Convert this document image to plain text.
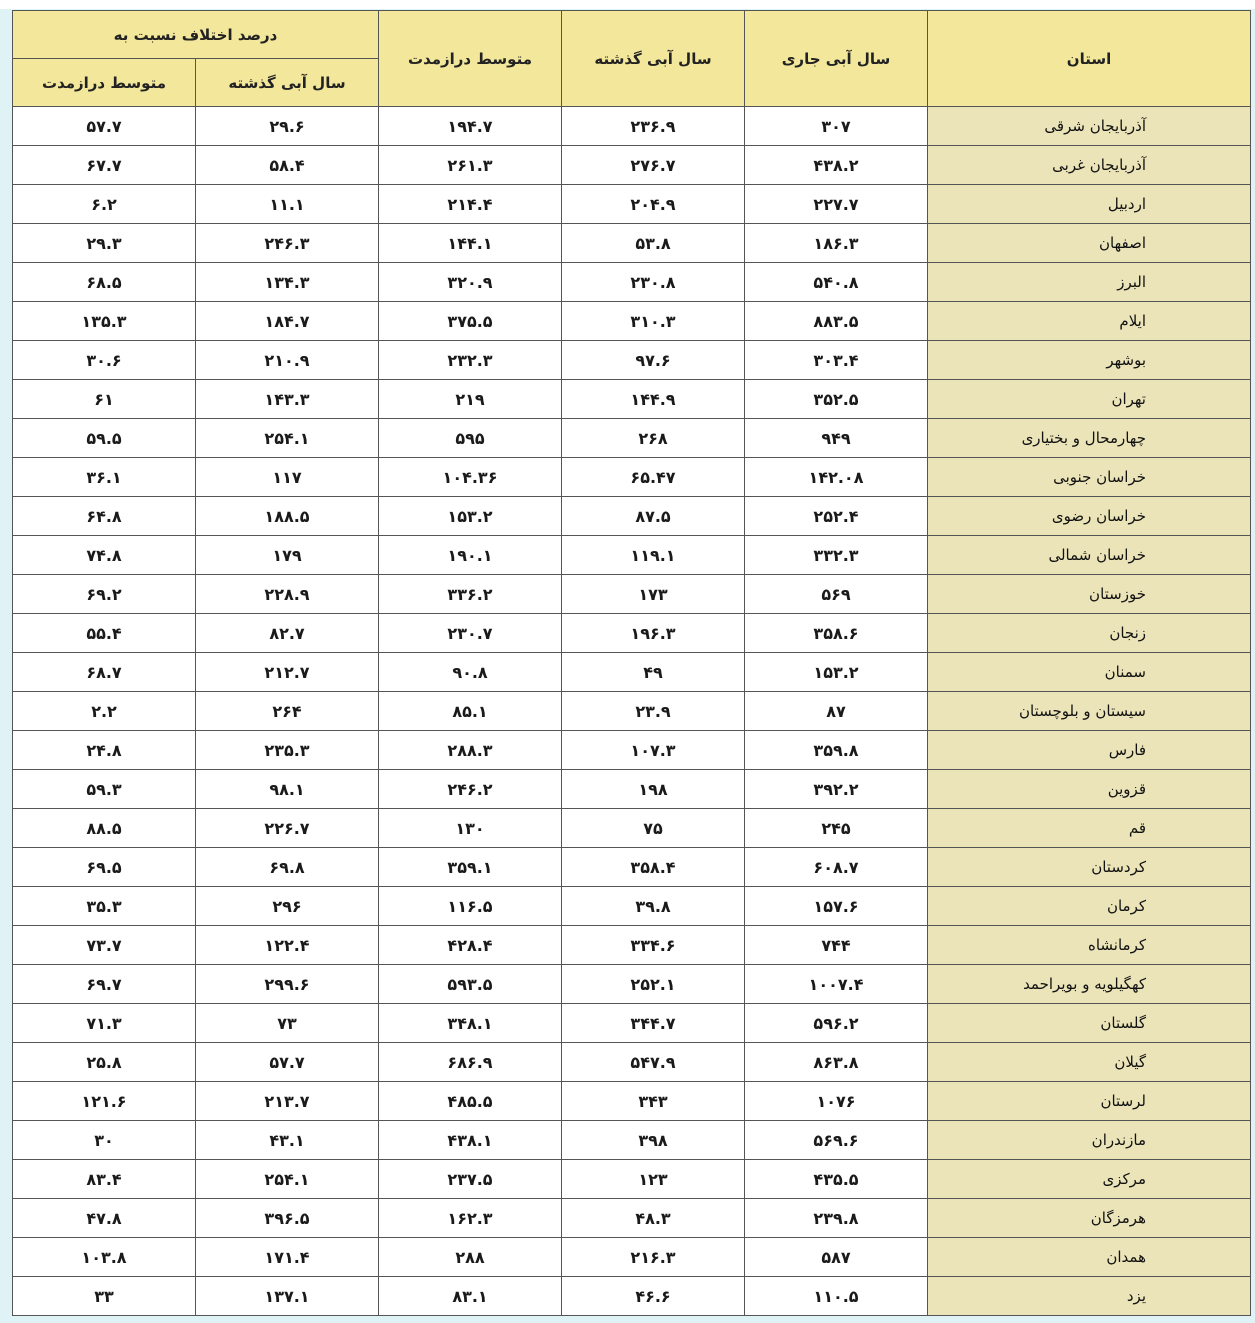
استان	سال آبی جاری	سال آبی گذشته	متوسط درازمدت	درصد اختلاف نسبت به	
				سال آبی گذشته	متوسط درازمدت
آذربایجان شرقی	۳۰۷	۲۳۶.۹	۱۹۴.۷	۲۹.۶	۵۷.۷
آذربایجان غربی	۴۳۸.۲	۲۷۶.۷	۲۶۱.۳	۵۸.۴	۶۷.۷
اردبیل	۲۲۷.۷	۲۰۴.۹	۲۱۴.۴	۱۱.۱	۶.۲
اصفهان	۱۸۶.۳	۵۳.۸	۱۴۴.۱	۲۴۶.۳	۲۹.۳
البرز	۵۴۰.۸	۲۳۰.۸	۳۲۰.۹	۱۳۴.۳	۶۸.۵
ایلام	۸۸۳.۵	۳۱۰.۳	۳۷۵.۵	۱۸۴.۷	۱۳۵.۳
بوشهر	۳۰۳.۴	۹۷.۶	۲۳۲.۳	۲۱۰.۹	۳۰.۶
تهران	۳۵۲.۵	۱۴۴.۹	۲۱۹	۱۴۳.۳	۶۱
چهارمحال و بختیاری	۹۴۹	۲۶۸	۵۹۵	۲۵۴.۱	۵۹.۵
خراسان جنوبی	۱۴۲.۰۸	۶۵.۴۷	۱۰۴.۳۶	۱۱۷	۳۶.۱
خراسان رضوی	۲۵۲.۴	۸۷.۵	۱۵۳.۲	۱۸۸.۵	۶۴.۸
خراسان شمالی	۳۳۲.۳	۱۱۹.۱	۱۹۰.۱	۱۷۹	۷۴.۸
خوزستان	۵۶۹	۱۷۳	۳۳۶.۲	۲۲۸.۹	۶۹.۲
زنجان	۳۵۸.۶	۱۹۶.۳	۲۳۰.۷	۸۲.۷	۵۵.۴
سمنان	۱۵۳.۲	۴۹	۹۰.۸	۲۱۲.۷	۶۸.۷
سیستان و بلوچستان	۸۷	۲۳.۹	۸۵.۱	۲۶۴	۲.۲
فارس	۳۵۹.۸	۱۰۷.۳	۲۸۸.۳	۲۳۵.۳	۲۴.۸
قزوین	۳۹۲.۲	۱۹۸	۲۴۶.۲	۹۸.۱	۵۹.۳
قم	۲۴۵	۷۵	۱۳۰	۲۲۶.۷	۸۸.۵
کردستان	۶۰۸.۷	۳۵۸.۴	۳۵۹.۱	۶۹.۸	۶۹.۵
کرمان	۱۵۷.۶	۳۹.۸	۱۱۶.۵	۲۹۶	۳۵.۳
کرمانشاه	۷۴۴	۳۳۴.۶	۴۲۸.۴	۱۲۲.۴	۷۳.۷
کهگیلویه و بویراحمد	۱۰۰۷.۴	۲۵۲.۱	۵۹۳.۵	۲۹۹.۶	۶۹.۷
گلستان	۵۹۶.۲	۳۴۴.۷	۳۴۸.۱	۷۳	۷۱.۳
گیلان	۸۶۳.۸	۵۴۷.۹	۶۸۶.۹	۵۷.۷	۲۵.۸
لرستان	۱۰۷۶	۳۴۳	۴۸۵.۵	۲۱۳.۷	۱۲۱.۶
مازندران	۵۶۹.۶	۳۹۸	۴۳۸.۱	۴۳.۱	۳۰
مرکزی	۴۳۵.۵	۱۲۳	۲۳۷.۵	۲۵۴.۱	۸۳.۴
هرمزگان	۲۳۹.۸	۴۸.۳	۱۶۲.۳	۳۹۶.۵	۴۷.۸
همدان	۵۸۷	۲۱۶.۳	۲۸۸	۱۷۱.۴	۱۰۳.۸
یزد	۱۱۰.۵	۴۶.۶	۸۳.۱	۱۳۷.۱	۳۳
